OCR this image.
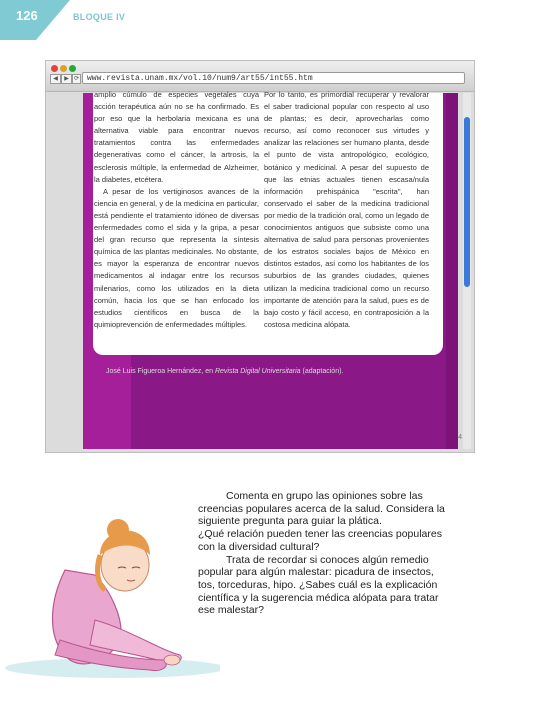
126	BLOQUE IV
◀	▶ ⟳ www.revista.unam.mx/vol.10/num9/art55/int55.htm

amplio cúmulo de especies vegetales cuya acción terapéutica aún no se ha confirmado. Es por eso que la herbolaria mexicana es una alternativa viable para encontrar nuevos tratamientos contra las enfermedades degenerativas como el cáncer, la artrosis, la esclerosis múltiple, la enfermedad de Alzheimer, la diabetes, etcétera.

A pesar de los vertiginosos avances de la ciencia en general, y de la medicina en particular, está pendiente el tratamiento idóneo de diversas enfermedades como el sida y la gripa, a pesar del gran recurso que representa la síntesis química de las plantas medicinales. No obstante, es mayor la esperanza de encontrar nuevos medicamentos al indagar entre los recursos milenarios, como los utilizados en la dieta común, hacia los que se han enfocado los estudios científicos en busca de la quimioprevención de enfermedades múltiples.

Por lo tanto, es primordial recuperar y revalorar el saber tradicional popular con respecto al uso de plantas; es decir, aprovecharlas como recurso, así como reconocer sus virtudes y analizar las relaciones ser humano planta, desde el punto de vista antropológico, ecológico, botánico y medicinal. A pesar del supuesto de que las etnias actuales tienen escasa/nula información prehispánica "escrita", han conservado el saber de la medicina tradicional por medio de la tradición oral, como un legado de conocimientos antiguos que subsiste como una alternativa de salud para personas provenientes de los estratos sociales bajos de México en distintos estados, así como los habitantes de los suburbios de las grandes ciudades, quienes utilizan la medicina tradicional como un recurso importante de atención para la salud, pues es de bajo costo y fácil acceso, en contraposición a la costosa medicina alópata.

José Luis Figueroa Hernández, en Revista Digital Universitaria (adaptación).
4

Comenta en grupo las opiniones sobre las creencias populares acerca de la salud. Considera la siguiente pregunta para guiar la plática.

¿Qué relación pueden tener las creencias populares con la diversidad cultural?

Trata de recordar si conoces algún remedio popular para algún malestar: picadura de insectos, tos, torceduras, hipo. ¿Sabes cuál es la explicación científica y la sugerencia médica alópata para tratar ese malestar?
